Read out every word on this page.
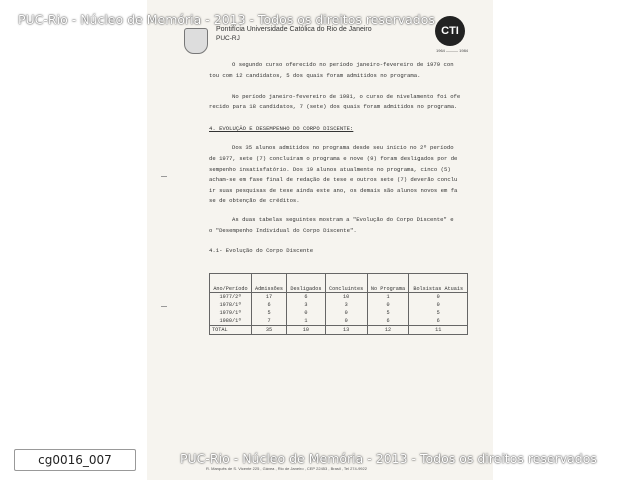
Pontifícia Universidade Católica do Rio de Janeiro
PUC-RJ
CTI
1964 ——— 1984
O segundo curso oferecido no período janeiro-fevereiro de 1979 con
tou com 12 candidatos, 5 dos quais foram admitidos no programa.
No período janeiro-fevereiro de 1981, o curso de nivelamento foi ofe
recido para 18 candidatos, 7 (sete) dos quais foram admitidos no programa.
4. EVOLUÇÃO E DESEMPENHO DO CORPO DISCENTE:
Dos 35 alunos admitidos no programa desde seu início no 2º período
de 1977, sete (7) concluíram o programa e nove (9) foram desligados por de
sempenho insatisfatório. Dos 19 alunos atualmente no programa, cinco (5)
acham-se em fase final de redação de tese e outros sete (7) deverão conclu
ir suas pesquisas de tese ainda este ano, os demais são alunos novos em fa
se de obtenção de créditos.
As duas tabelas seguintes mostram a "Evolução do Corpo Discente" e
o "Desempenho Individual do Corpo Discente".
4.1- Evolução do Corpo Discente
Ano/Período	Admissões	Desligados	Concluintes	No Programa	Bolsistas Atuais
1977/2º	17	6	10	1	0
1978/1º	6	3	3	0	0
1979/1º	5	0	0	5	5
1980/1º	7	1	0	6	6
TOTAL	35	10	13	12	11
R. Marquês de S. Vicente 225 , Gávea , Rio de Janeiro , CEP 22453 , Brasil , Tel 274-9922
PUC-Rio - Núcleo de Memória - 2013 - Todos os direitos reservados
PUC-Rio - Núcleo de Memória - 2013 - Todos os direitos reservados
cg0016_007
